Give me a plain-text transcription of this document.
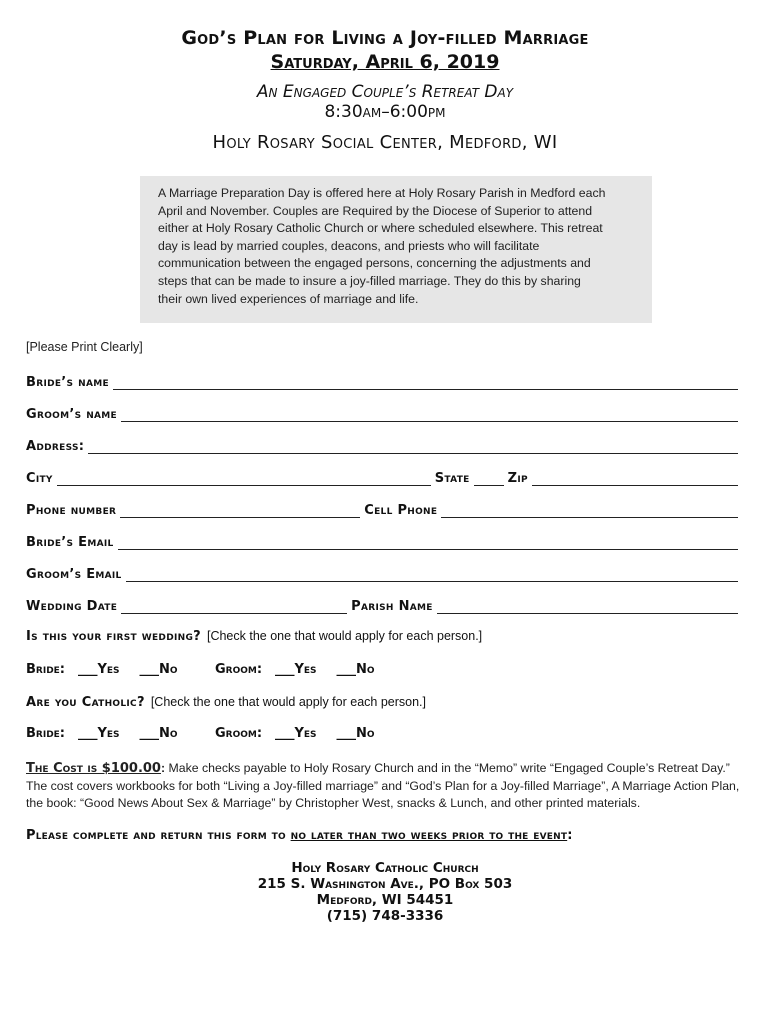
God’s Plan for Living a Joy-filled Marriage
Saturday, April 6, 2019
An Engaged Couple’s Retreat Day
8:30am–6:00pm
Holy Rosary Social Center, Medford, WI
A Marriage Preparation Day is offered here at Holy Rosary Parish in Medford each
April and November. Couples are Required by the Diocese of Superior to attend
either at Holy Rosary Catholic Church or where scheduled elsewhere. This retreat
day is lead by married couples, deacons, and priests who will facilitate
communication between the engaged persons, concerning the adjustments and
steps that can be made to insure a joy-filled marriage. They do this by sharing
their own lived experiences of marriage and life.
[Please Print Clearly]
Bride’s name
Groom’s name
Address:
City	State	Zip
Phone number	Cell Phone
Bride’s Email
Groom’s Email
Wedding Date	Parish Name
Is this your first wedding? [Check the one that would apply for each person.]
Bride: ___Yes ___No	Groom: ___Yes ___No
Are you Catholic? [Check the one that would apply for each person.]
Bride: ___Yes ___No	Groom: ___Yes ___No
The Cost is $100.00: Make checks payable to Holy Rosary Church and in the “Memo” write “Engaged Couple’s Retreat Day.” The cost covers workbooks for both “Living a Joy-filled marriage” and “God’s Plan for a Joy-filled Marriage”, A Marriage Action Plan, the book: “Good News About Sex & Marriage” by Christopher West, snacks & Lunch, and other printed materials.
Please complete and return this form to no later than two weeks prior to the event:
Holy Rosary Catholic Church
215 S. Washington Ave., PO Box 503
Medford, WI 54451
(715) 748-3336
